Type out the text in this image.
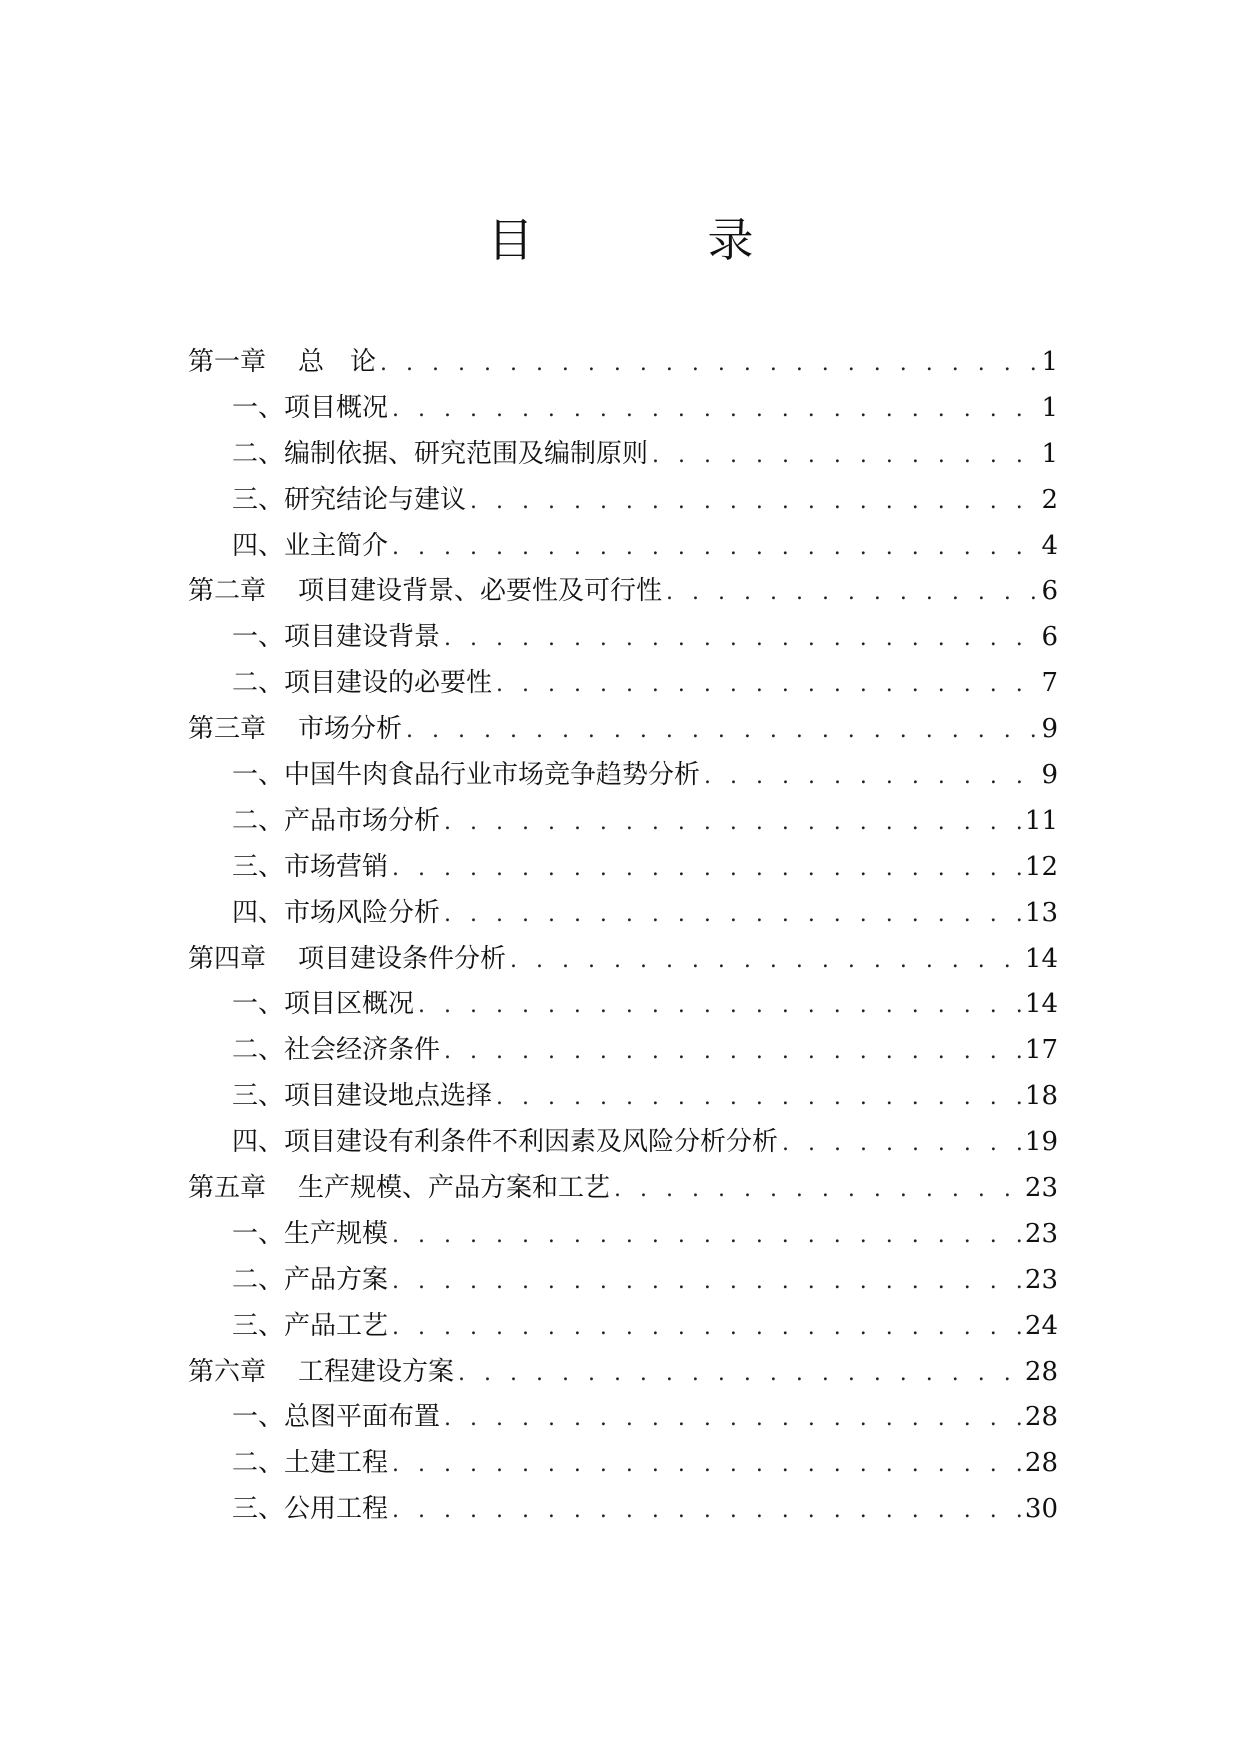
目　录
第一章 总　论 . . .	1
一、项目概况 . . .	1
二、编制依据、研究范围及编制原则 . . .	1
三、研究结论与建议 . . .	2
四、业主简介 . . .	4
第二章 项目建设背景、必要性及可行性 . . .	6
一、项目建设背景 . . .	6
二、项目建设的必要性 . . .	7
第三章 市场分析 . . .	9
一、中国牛肉食品行业市场竞争趋势分析 . . .	9
二、产品市场分析 . . .	11
三、市场营销 . . .	12
四、市场风险分析 . . .	13
第四章 项目建设条件分析 . . .	14
一、项目区概况 . . .	14
二、社会经济条件 . . .	17
三、项目建设地点选择 . . .	18
四、项目建设有利条件不利因素及风险分析分析 . . .	19
第五章 生产规模、产品方案和工艺 . . .	23
一、生产规模 . . .	23
二、产品方案 . . .	23
三、产品工艺 . . .	24
第六章 工程建设方案 . . .	28
一、总图平面布置 . . .	28
二、土建工程 . . .	28
三、公用工程 . . .	30
